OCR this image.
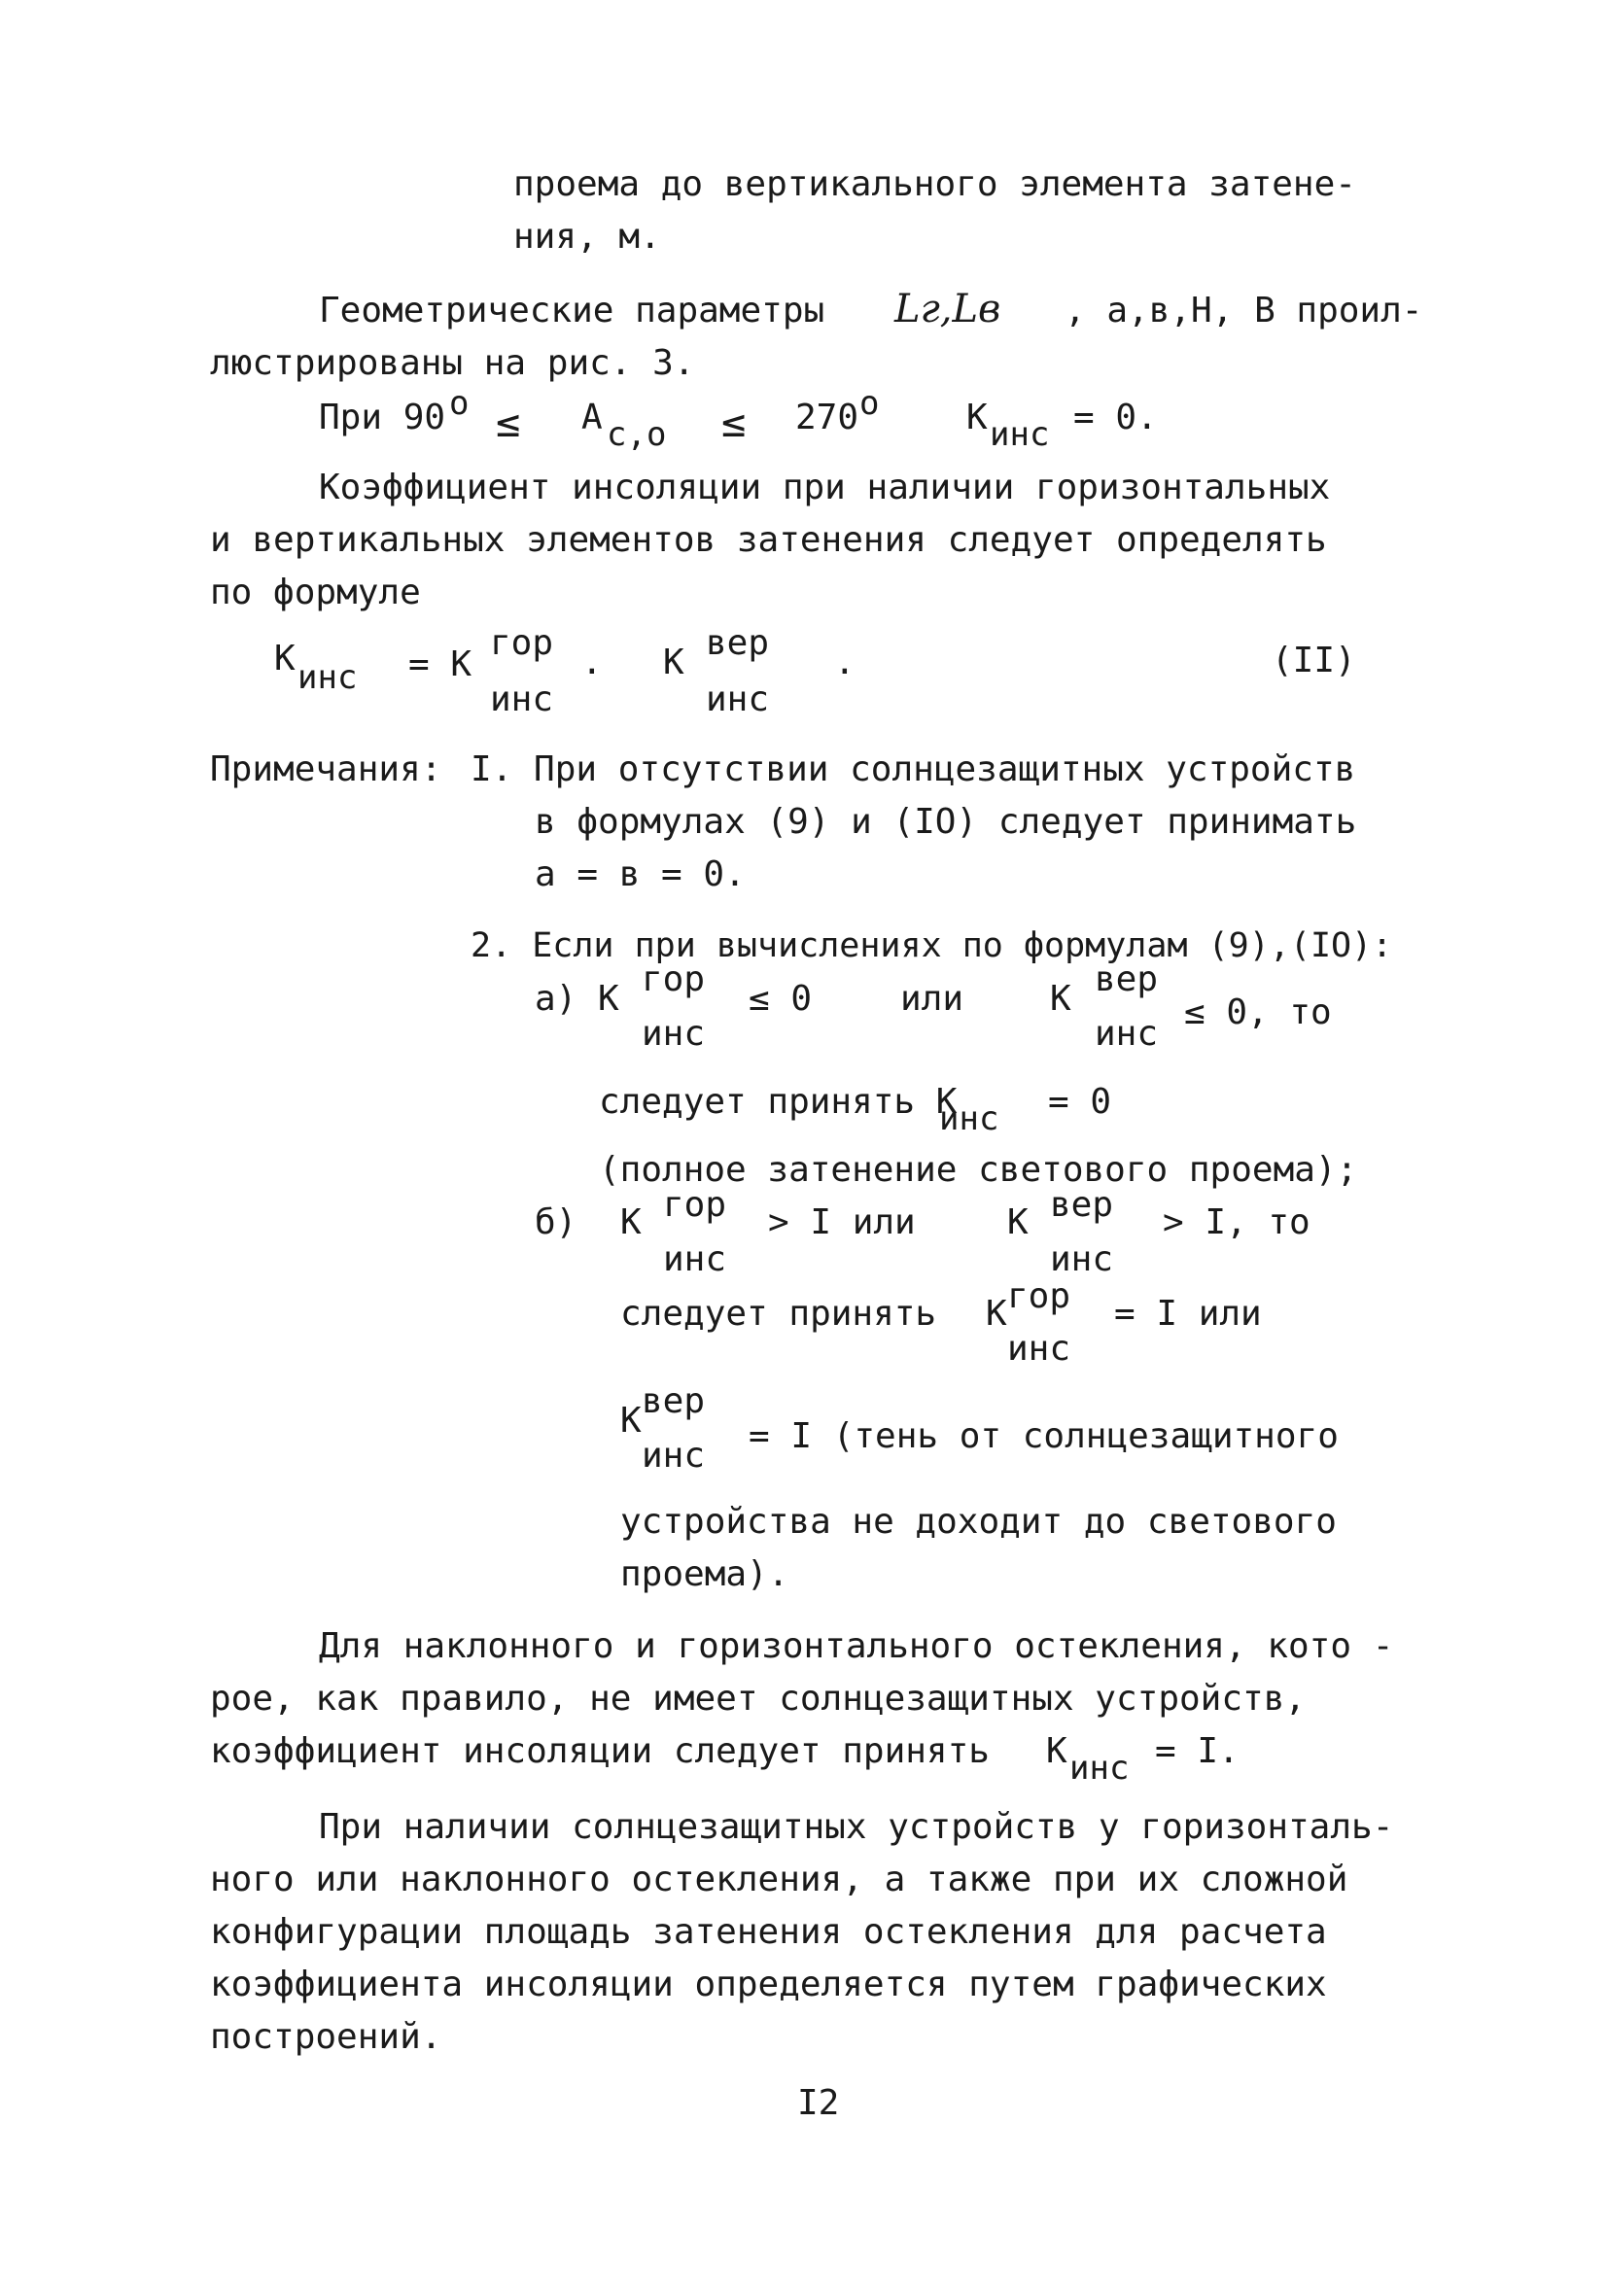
проема до вертикального элемента затене-
ния, м.
Геометрические параметры Lг,Lв , а,в,Н, В проил-
люстрированы на рис. 3.
При 90 о ≤ А с,о ≤ 270 о К инс = 0.
Коэффициент инсоляции при наличии горизонтальных
и вертикальных элементов затенения следует определять
по формуле
К инс = К
гор
инс
. К вер
инс
.	(II)
Примечания: I. При отсутствии солнцезащитных устройств
в формулах (9) и (IO) следует принимать
а = в = 0.
2. Если при вычислениях по формулам (9),(IO):
а) К гор
инс
≤ 0	или К вер
инс
≤ 0, то
следует принять К
инс = 0
(полное затенение светового проема);
б) К гор
инс
> I или	К вер
инс
> I, то
следует принять К гор
инс
= I или
К вер
инс = I (тень от солнцезащитного
устройства не доходит до светового
проема).
Для наклонного и горизонтального остекления, кото -
рое, как правило, не имеет солнцезащитных устройств,
коэффициент инсоляции следует принять К инс = I.
При наличии солнцезащитных устройств у горизонталь-
ного или наклонного остекления, а также при их сложной
конфигурации площадь затенения остекления для расчета
коэффициента инсоляции определяется путем графических
построений.
I2
